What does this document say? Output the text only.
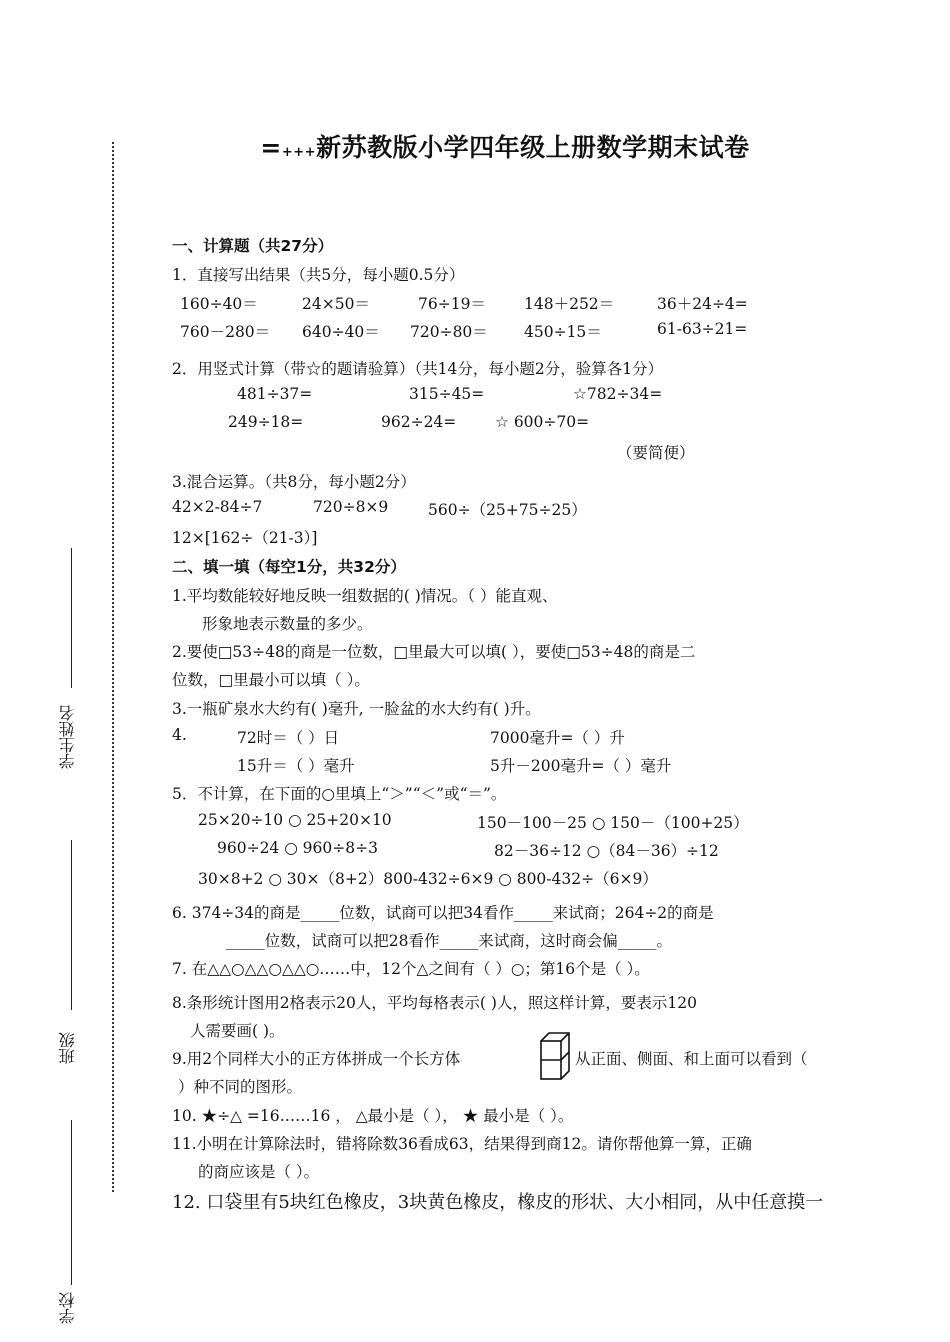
=+++新苏教版小学四年级上册数学期末试卷
学生姓名
班级
学校
一、计算题（共27分）
1．直接写出结果（共5分，每小题0.5分）
160÷40＝	24×50＝	76÷19＝ 148＋252＝	36＋24÷4=
760－280＝ 640÷40＝ 720÷80＝ 450÷15＝	61-63÷21=
2．用竖式计算（带☆的题请验算）（共14分，每小题2分，验算各1分）
481÷37=	315÷45=	☆782÷34=
249÷18=	962÷24= ☆ 600÷70=
（要简便）
3.混合运算。（共8分，每小题2分）
42×2-84÷7	720÷8×9	560÷（25+75÷25）
12×[162÷（21-3）]
二、填一填（每空1分，共32分）
1.平均数能较好地反映一组数据的( )情况。（ ）能直观、
形象地表示数量的多少。
2.要使□53÷48的商是一位数，□里最大可以填( ），要使□53÷48的商是二
位数，□里最小可以填（ ）。
3.一瓶矿泉水大约有( )毫升, 一脸盆的水大约有( )升。
4.	72时＝（ ）日	7000毫升=（ ）升
15升＝（ ）毫升	5升－200毫升=（ ）毫升
5．不计算，在下面的○里填上“＞”“＜”或“＝”。
25×20÷10 ○ 25+20×10	150－100－25 ○ 150－（100+25）
960÷24 ○ 960÷8÷3	82－36÷12 ○（84－36）÷12
30×8+2 ○ 30×（8+2）800-432÷6×9 ○ 800-432÷（6×9）
6. 374÷34的商是_____位数，试商可以把34看作_____来试商；264÷2的商是
_____位数，试商可以把28看作_____来试商，这时商会偏_____。
7. 在△△○△△○△△○……中，12个△之间有（ ）○；第16个是（ ）。
8.条形统计图用2格表示20人，平均每格表示( )人，照这样计算，要表示120
人需要画( )。
9.用2个同样大小的正方体拼成一个长方体	从正面、侧面、和上面可以看到（
）种不同的图形。
10. ★÷△ =16……16 ， △最小是（ ）， ★ 最小是（ ）。
11.小明在计算除法时，错将除数36看成63，结果得到商12。请你帮他算一算，正确
的商应该是（ ）。
12. 口袋里有5块红色橡皮，3块黄色橡皮，橡皮的形状、大小相同，从中任意摸一
